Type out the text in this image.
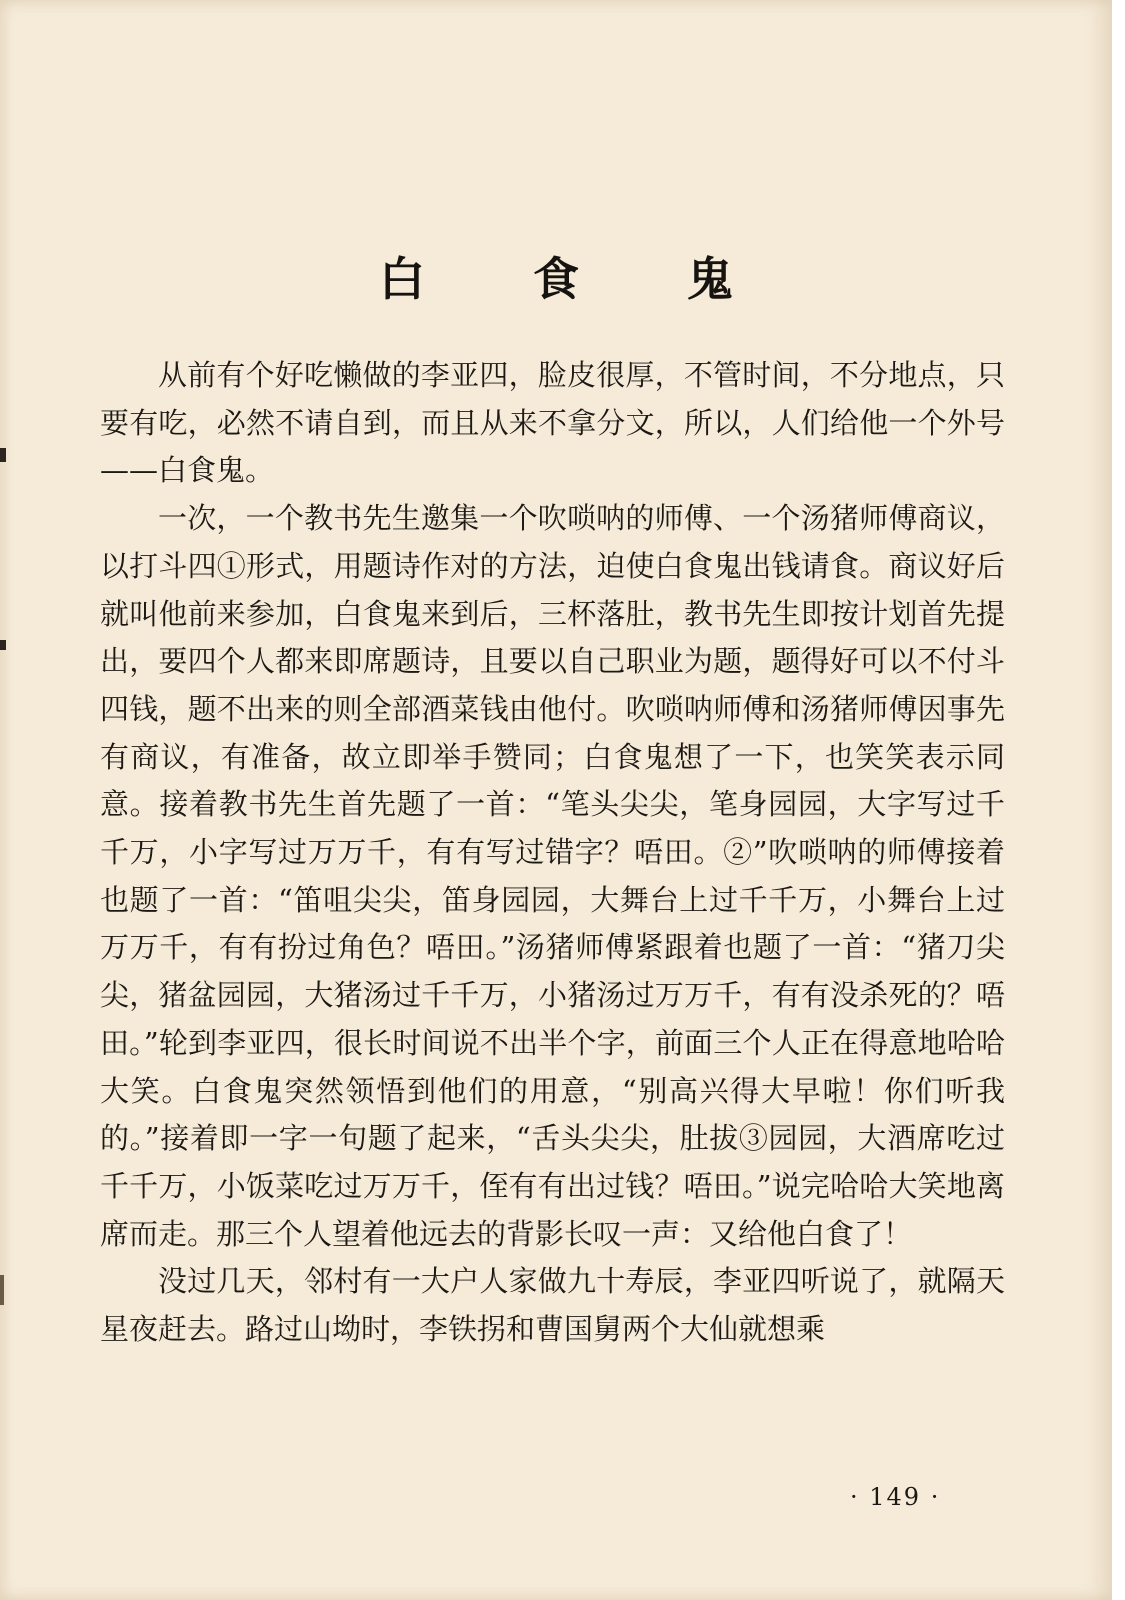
白 食 鬼

从前有个好吃懒做的李亚四，脸皮很厚，不管时间，不分地点，只要有吃，必然不请自到，而且从来不拿分文，所以，人们给他一个外号——白食鬼。

一次，一个教书先生邀集一个吹唢呐的师傅、一个汤猪师傅商议，以打斗四①形式，用题诗作对的方法，迫使白食鬼出钱请食。商议好后就叫他前来参加，白食鬼来到后，三杯落肚，教书先生即按计划首先提出，要四个人都来即席题诗，且要以自己职业为题，题得好可以不付斗四钱，题不出来的则全部酒菜钱由他付。吹唢呐师傅和汤猪师傅因事先有商议，有准备，故立即举手赞同；白食鬼想了一下，也笑笑表示同意。接着教书先生首先题了一首：“笔头尖尖，笔身园园，大字写过千千万，小字写过万万千，有有写过错字？唔田。②”吹唢呐的师傅接着也题了一首：“笛咀尖尖，笛身园园，大舞台上过千千万，小舞台上过万万千，有有扮过角色？唔田。”汤猪师傅紧跟着也题了一首：“猪刀尖尖，猪盆园园，大猪汤过千千万，小猪汤过万万千，有有没杀死的？唔田。”轮到李亚四，很长时间说不出半个字，前面三个人正在得意地哈哈大笑。白食鬼突然领悟到他们的用意，“别高兴得大早啦！你们听我的。”接着即一字一句题了起来，“舌头尖尖，肚拔③园园，大酒席吃过千千万，小饭菜吃过万万千，侄有有出过钱？唔田。”说完哈哈大笑地离席而走。那三个人望着他远去的背影长叹一声：又给他白食了！

没过几天，邻村有一大户人家做九十寿辰，李亚四听说了，就隔天星夜赶去。路过山坳时，李铁拐和曹国舅两个大仙就想乘

· 149 ·
